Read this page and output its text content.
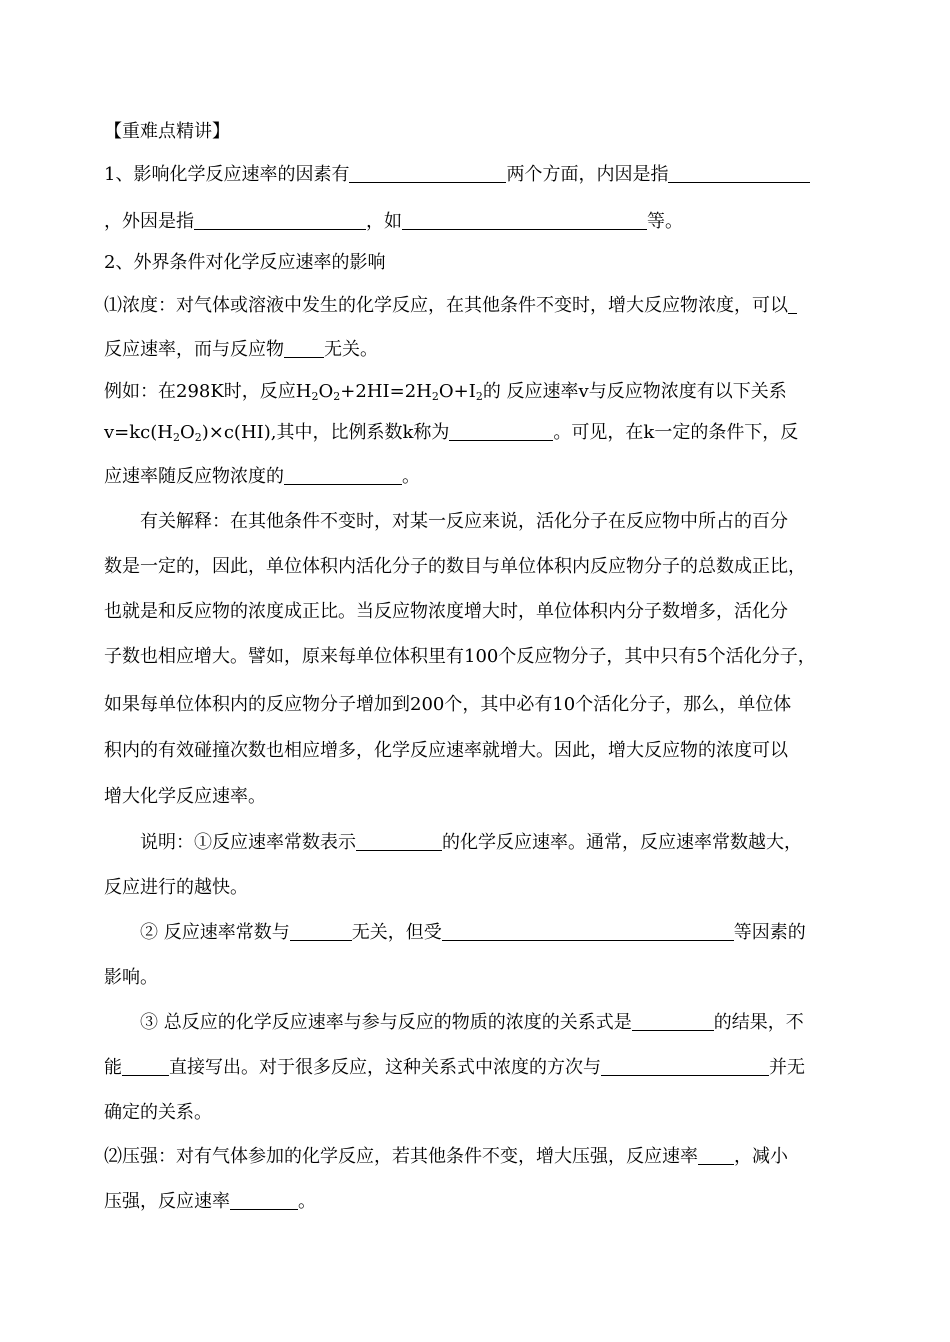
【重难点精讲】
1、影响化学反应速率的因素有	两个方面，内因是指
，外因是指	，如	等。
2、外界条件对化学反应速率的影响
⑴浓度：对气体或溶液中发生的化学反应，在其他条件不变时，增大反应物浓度，可以
反应速率，而与反应物 无关。
例如：在298K时，反应$H_2O_2+2HI=2H_2O+I_2$的 反应速率v与反应物浓度有以下关系
$v=kc(H_2O_2)\times c(HI)$,其中，比例系数k称为	。可见，在k一定的条件下，反
应速率随反应物浓度的	。
有关解释：在其他条件不变时，对某一反应来说，活化分子在反应物中所占的百分
数是一定的，因此，单位体积内活化分子的数目与单位体积内反应物分子的总数成正比，
也就是和反应物的浓度成正比。当反应物浓度增大时，单位体积内分子数增多，活化分
子数也相应增大。譬如，原来每单位体积里有100个反应物分子，其中只有5个活化分子，
如果每单位体积内的反应物分子增加到200个，其中必有10个活化分子，那么，单位体
积内的有效碰撞次数也相应增多，化学反应速率就增大。因此，增大反应物的浓度可以
增大化学反应速率。
说明：①反应速率常数表示	的化学反应速率。通常，反应速率常数越大，
反应进行的越快。
② 反应速率常数与	无关，但受	等因素的
影响。
③ 总反应的化学反应速率与参与反应的物质的浓度的关系式是	的结果，不
能	直接写出。对于很多反应，这种关系式中浓度的方次与	并无
确定的关系。
⑵压强：对有气体参加的化学反应，若其他条件不变，增大压强，反应速率 ，减小
压强，反应速率	。
